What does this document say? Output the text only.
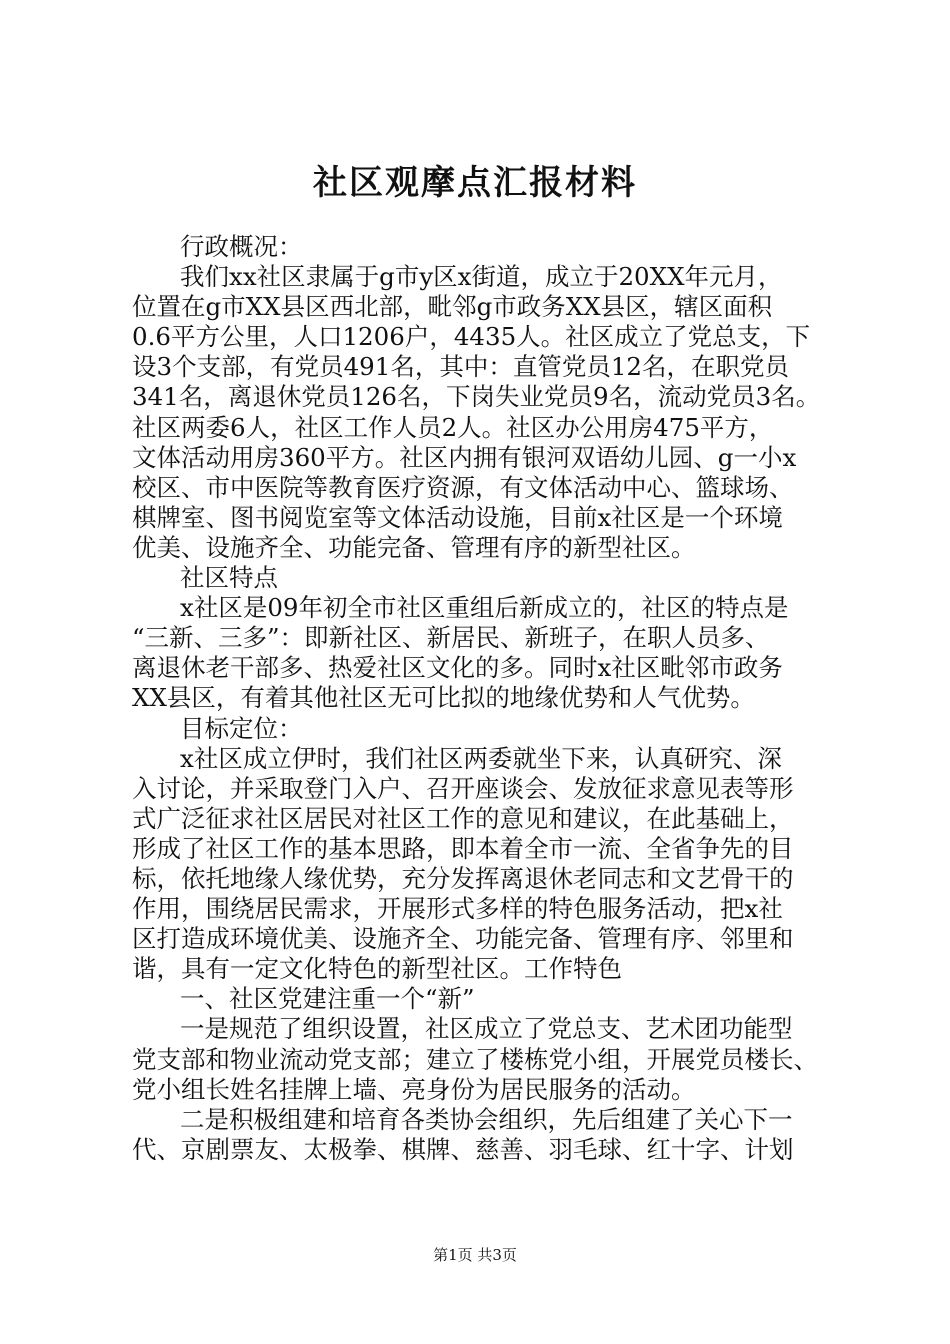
社区观摩点汇报材料
行政概况：
我们xx社区隶属于g市y区x街道，成立于20XX年元月，
位置在g市XX县区西北部，毗邻g市政务XX县区，辖区面积
0.6平方公里，人口1206户，4435人。社区成立了党总支，下
设3个支部，有党员491名，其中：直管党员12名，在职党员
341名，离退休党员126名，下岗失业党员9名，流动党员3名。
社区两委6人，社区工作人员2人。社区办公用房475平方，
文体活动用房360平方。社区内拥有银河双语幼儿园、g一小x
校区、市中医院等教育医疗资源，有文体活动中心、篮球场、
棋牌室、图书阅览室等文体活动设施，目前x社区是一个环境
优美、设施齐全、功能完备、管理有序的新型社区。
社区特点
x社区是09年初全市社区重组后新成立的，社区的特点是
“三新、三多”：即新社区、新居民、新班子，在职人员多、
离退休老干部多、热爱社区文化的多。同时x社区毗邻市政务
XX县区，有着其他社区无可比拟的地缘优势和人气优势。
目标定位：
x社区成立伊时，我们社区两委就坐下来，认真研究、深
入讨论，并采取登门入户、召开座谈会、发放征求意见表等形
式广泛征求社区居民对社区工作的意见和建议，在此基础上，
形成了社区工作的基本思路，即本着全市一流、全省争先的目
标，依托地缘人缘优势，充分发挥离退休老同志和文艺骨干的
作用，围绕居民需求，开展形式多样的特色服务活动，把x社
区打造成环境优美、设施齐全、功能完备、管理有序、邻里和
谐，具有一定文化特色的新型社区。工作特色
一、社区党建注重一个“新”
一是规范了组织设置，社区成立了党总支、艺术团功能型
党支部和物业流动党支部；建立了楼栋党小组，开展党员楼长、
党小组长姓名挂牌上墙、亮身份为居民服务的活动。
二是积极组建和培育各类协会组织，先后组建了关心下一
代、京剧票友、太极拳、棋牌、慈善、羽毛球、红十字、计划
第1页 共3页
